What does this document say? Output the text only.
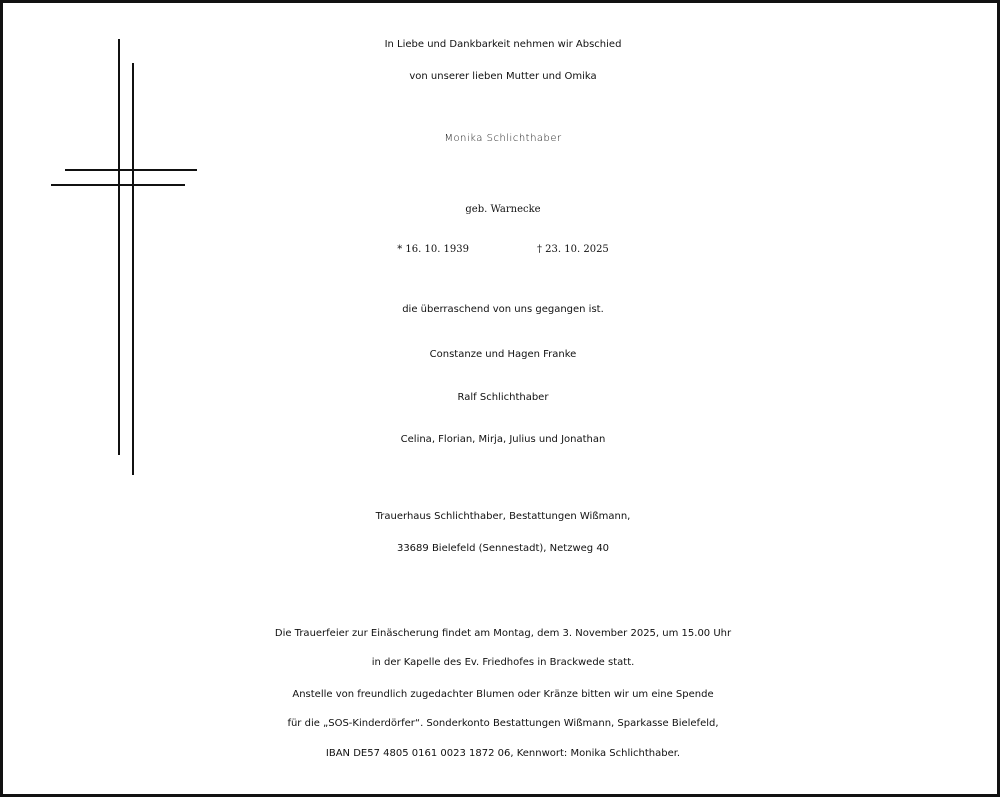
In Liebe und Dankbarkeit nehmen wir Abschied
von unserer lieben Mutter und Omika
Monika Schlichthaber
geb. Warnecke
* 16. 10. 1939	† 23. 10. 2025
die überraschend von uns gegangen ist.
Constanze und Hagen Franke
Ralf Schlichthaber
Celina, Florian, Mirja, Julius und Jonathan
Trauerhaus Schlichthaber, Bestattungen Wißmann,
33689 Bielefeld (Sennestadt), Netzweg 40
Die Trauerfeier zur Einäscherung findet am Montag, dem 3. November 2025, um 15.00 Uhr
in der Kapelle des Ev. Friedhofes in Brackwede statt.
Anstelle von freundlich zugedachter Blumen oder Kränze bitten wir um eine Spende
für die „SOS-Kinderdörfer“. Sonderkonto Bestattungen Wißmann, Sparkasse Bielefeld,
IBAN DE57 4805 0161 0023 1872 06, Kennwort: Monika Schlichthaber.
